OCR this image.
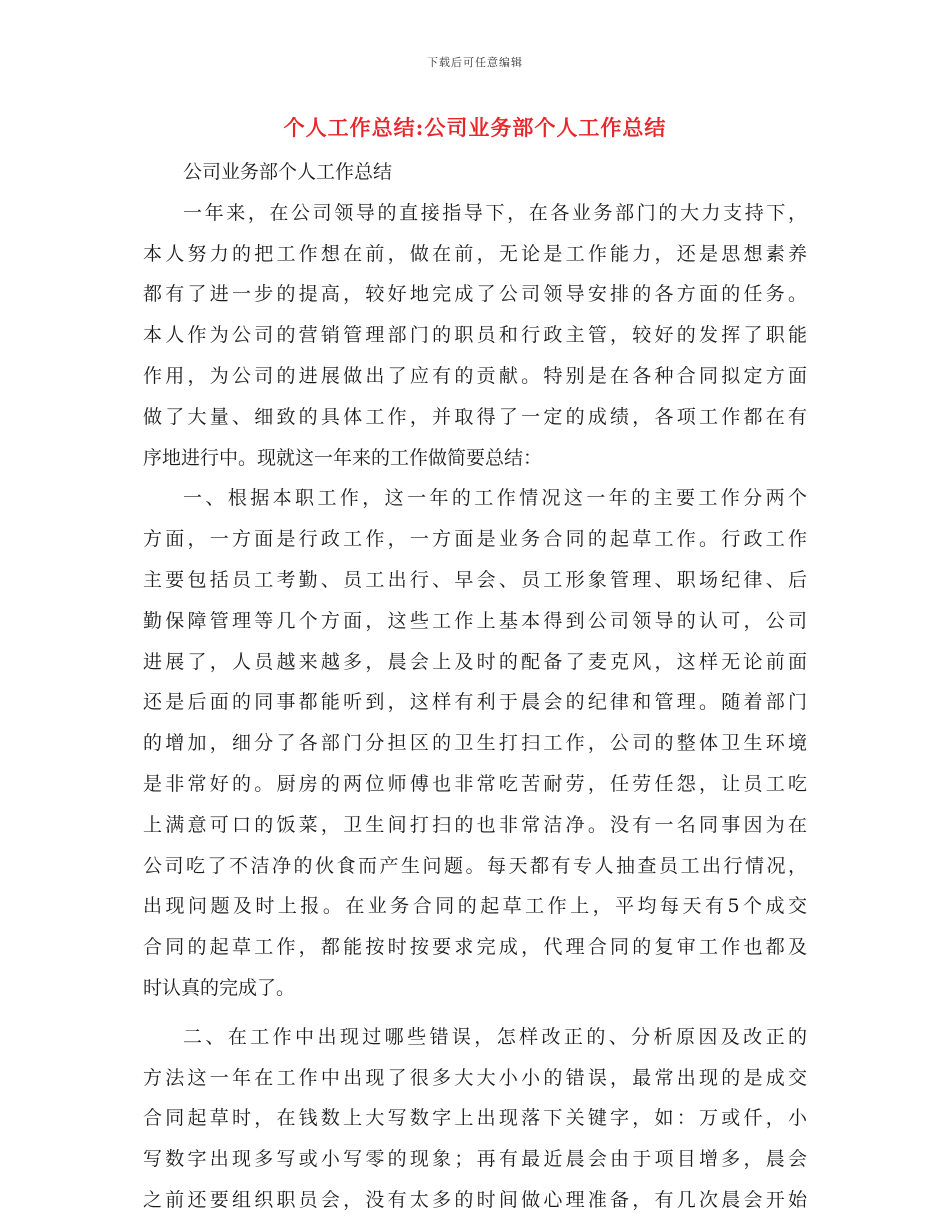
下载后可任意编辑
个人工作总结:公司业务部个人工作总结
公司业务部个人工作总结
一年来，在公司领导的直接指导下，在各业务部门的大力支持下，
本人努力的把工作想在前，做在前，无论是工作能力，还是思想素养
都有了进一步的提高，较好地完成了公司领导安排的各方面的任务。
本人作为公司的营销管理部门的职员和行政主管，较好的发挥了职能
作用，为公司的进展做出了应有的贡献。特别是在各种合同拟定方面
做了大量、细致的具体工作，并取得了一定的成绩，各项工作都在有
序地进行中。现就这一年来的工作做简要总结：
一、根据本职工作，这一年的工作情况这一年的主要工作分两个
方面，一方面是行政工作，一方面是业务合同的起草工作。行政工作
主要包括员工考勤、员工出行、早会、员工形象管理、职场纪律、后
勤保障管理等几个方面，这些工作上基本得到公司领导的认可，公司
进展了，人员越来越多，晨会上及时的配备了麦克风，这样无论前面
还是后面的同事都能听到，这样有利于晨会的纪律和管理。随着部门
的增加，细分了各部门分担区的卫生打扫工作，公司的整体卫生环境
是非常好的。厨房的两位师傅也非常吃苦耐劳，任劳任怨，让员工吃
上满意可口的饭菜，卫生间打扫的也非常洁净。没有一名同事因为在
公司吃了不洁净的伙食而产生问题。每天都有专人抽查员工出行情况，
出现问题及时上报。在业务合同的起草工作上，平均每天有5个成交
合同的起草工作，都能按时按要求完成，代理合同的复审工作也都及
时认真的完成了。
二、在工作中出现过哪些错误，怎样改正的、分析原因及改正的
方法这一年在工作中出现了很多大大小小的错误，最常出现的是成交
合同起草时，在钱数上大写数字上出现落下关键字，如：万或仟，小
写数字出现多写或小写零的现象；再有最近晨会由于项目增多，晨会
之前还要组织职员会，没有太多的时间做心理准备，有几次晨会开始
